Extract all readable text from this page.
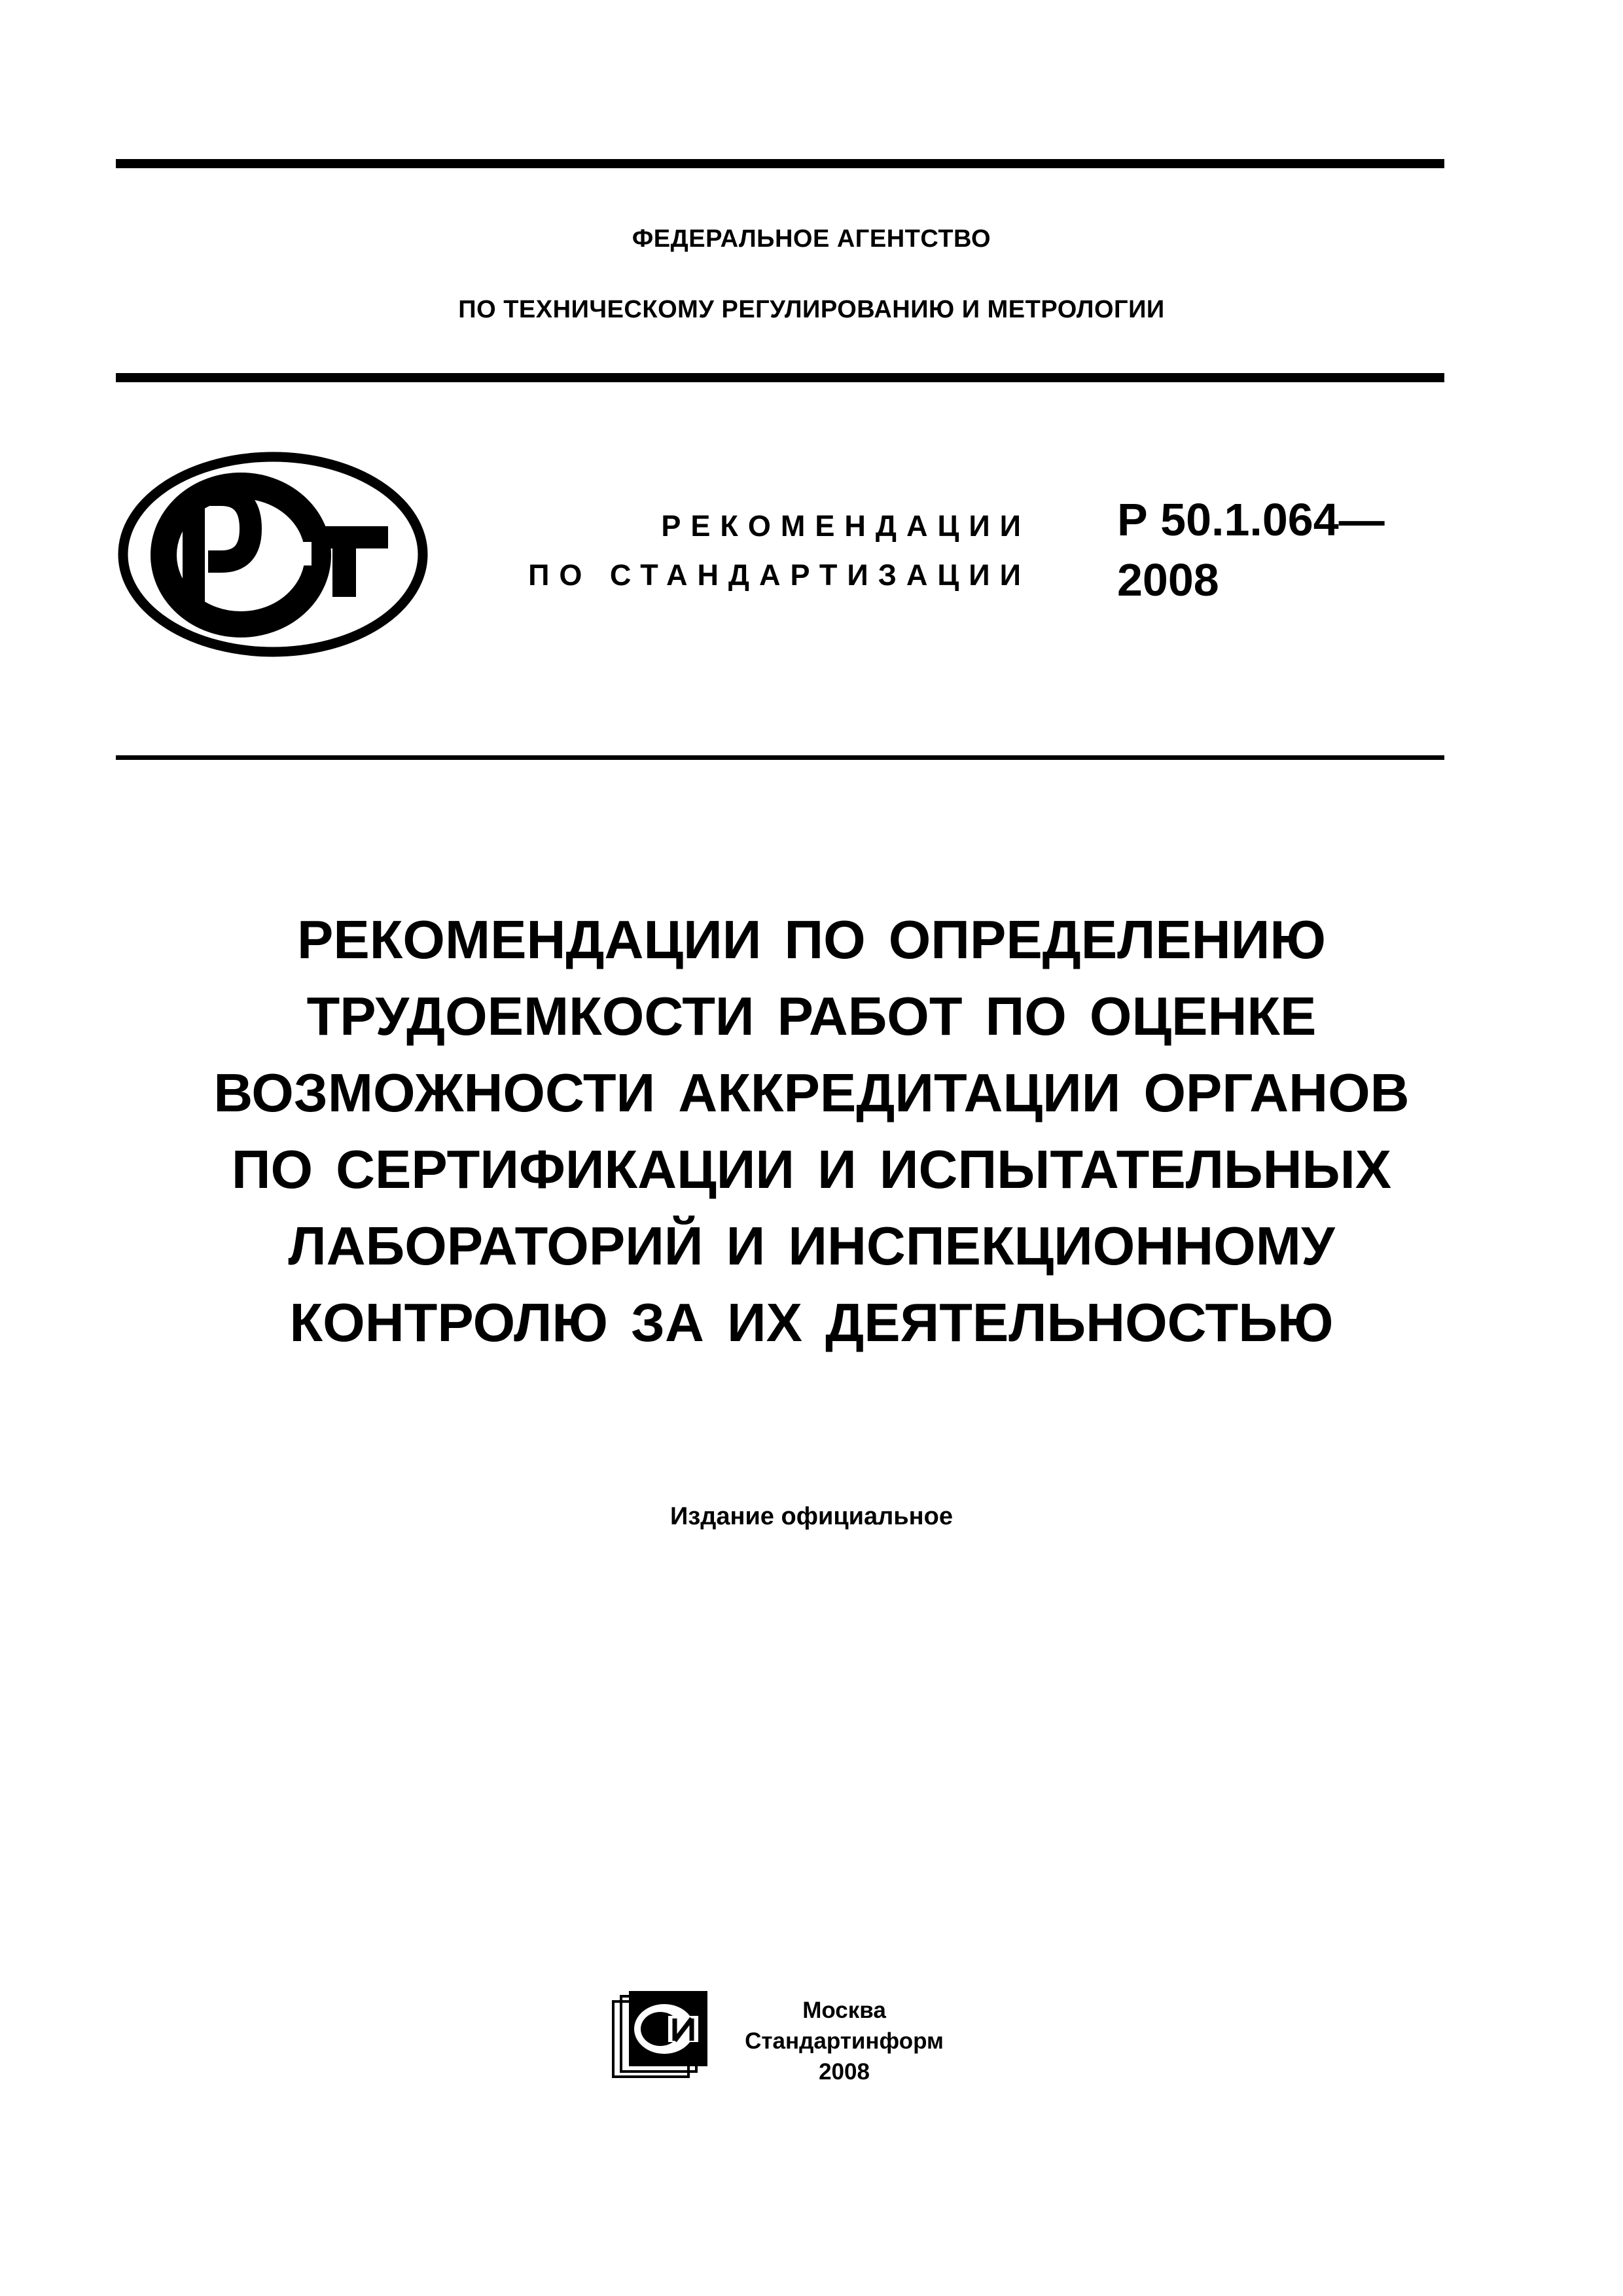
ФЕДЕРАЛЬНОЕ АГЕНТСТВО
ПО ТЕХНИЧЕСКОМУ РЕГУЛИРОВАНИЮ И МЕТРОЛОГИИ
РЕКОМЕНДАЦИИ
ПО СТАНДАРТИЗАЦИИ
Р 50.1.064—
2008
РЕКОМЕНДАЦИИ ПО ОПРЕДЕЛЕНИЮ
ТРУДОЕМКОСТИ РАБОТ ПО ОЦЕНКЕ
ВОЗМОЖНОСТИ АККРЕДИТАЦИИ ОРГАНОВ
ПО СЕРТИФИКАЦИИ И ИСПЫТАТЕЛЬНЫХ
ЛАБОРАТОРИЙ И ИНСПЕКЦИОННОМУ
КОНТРОЛЮ ЗА ИХ ДЕЯТЕЛЬНОСТЬЮ
Издание официальное
Москва
Стандартинформ
2008
